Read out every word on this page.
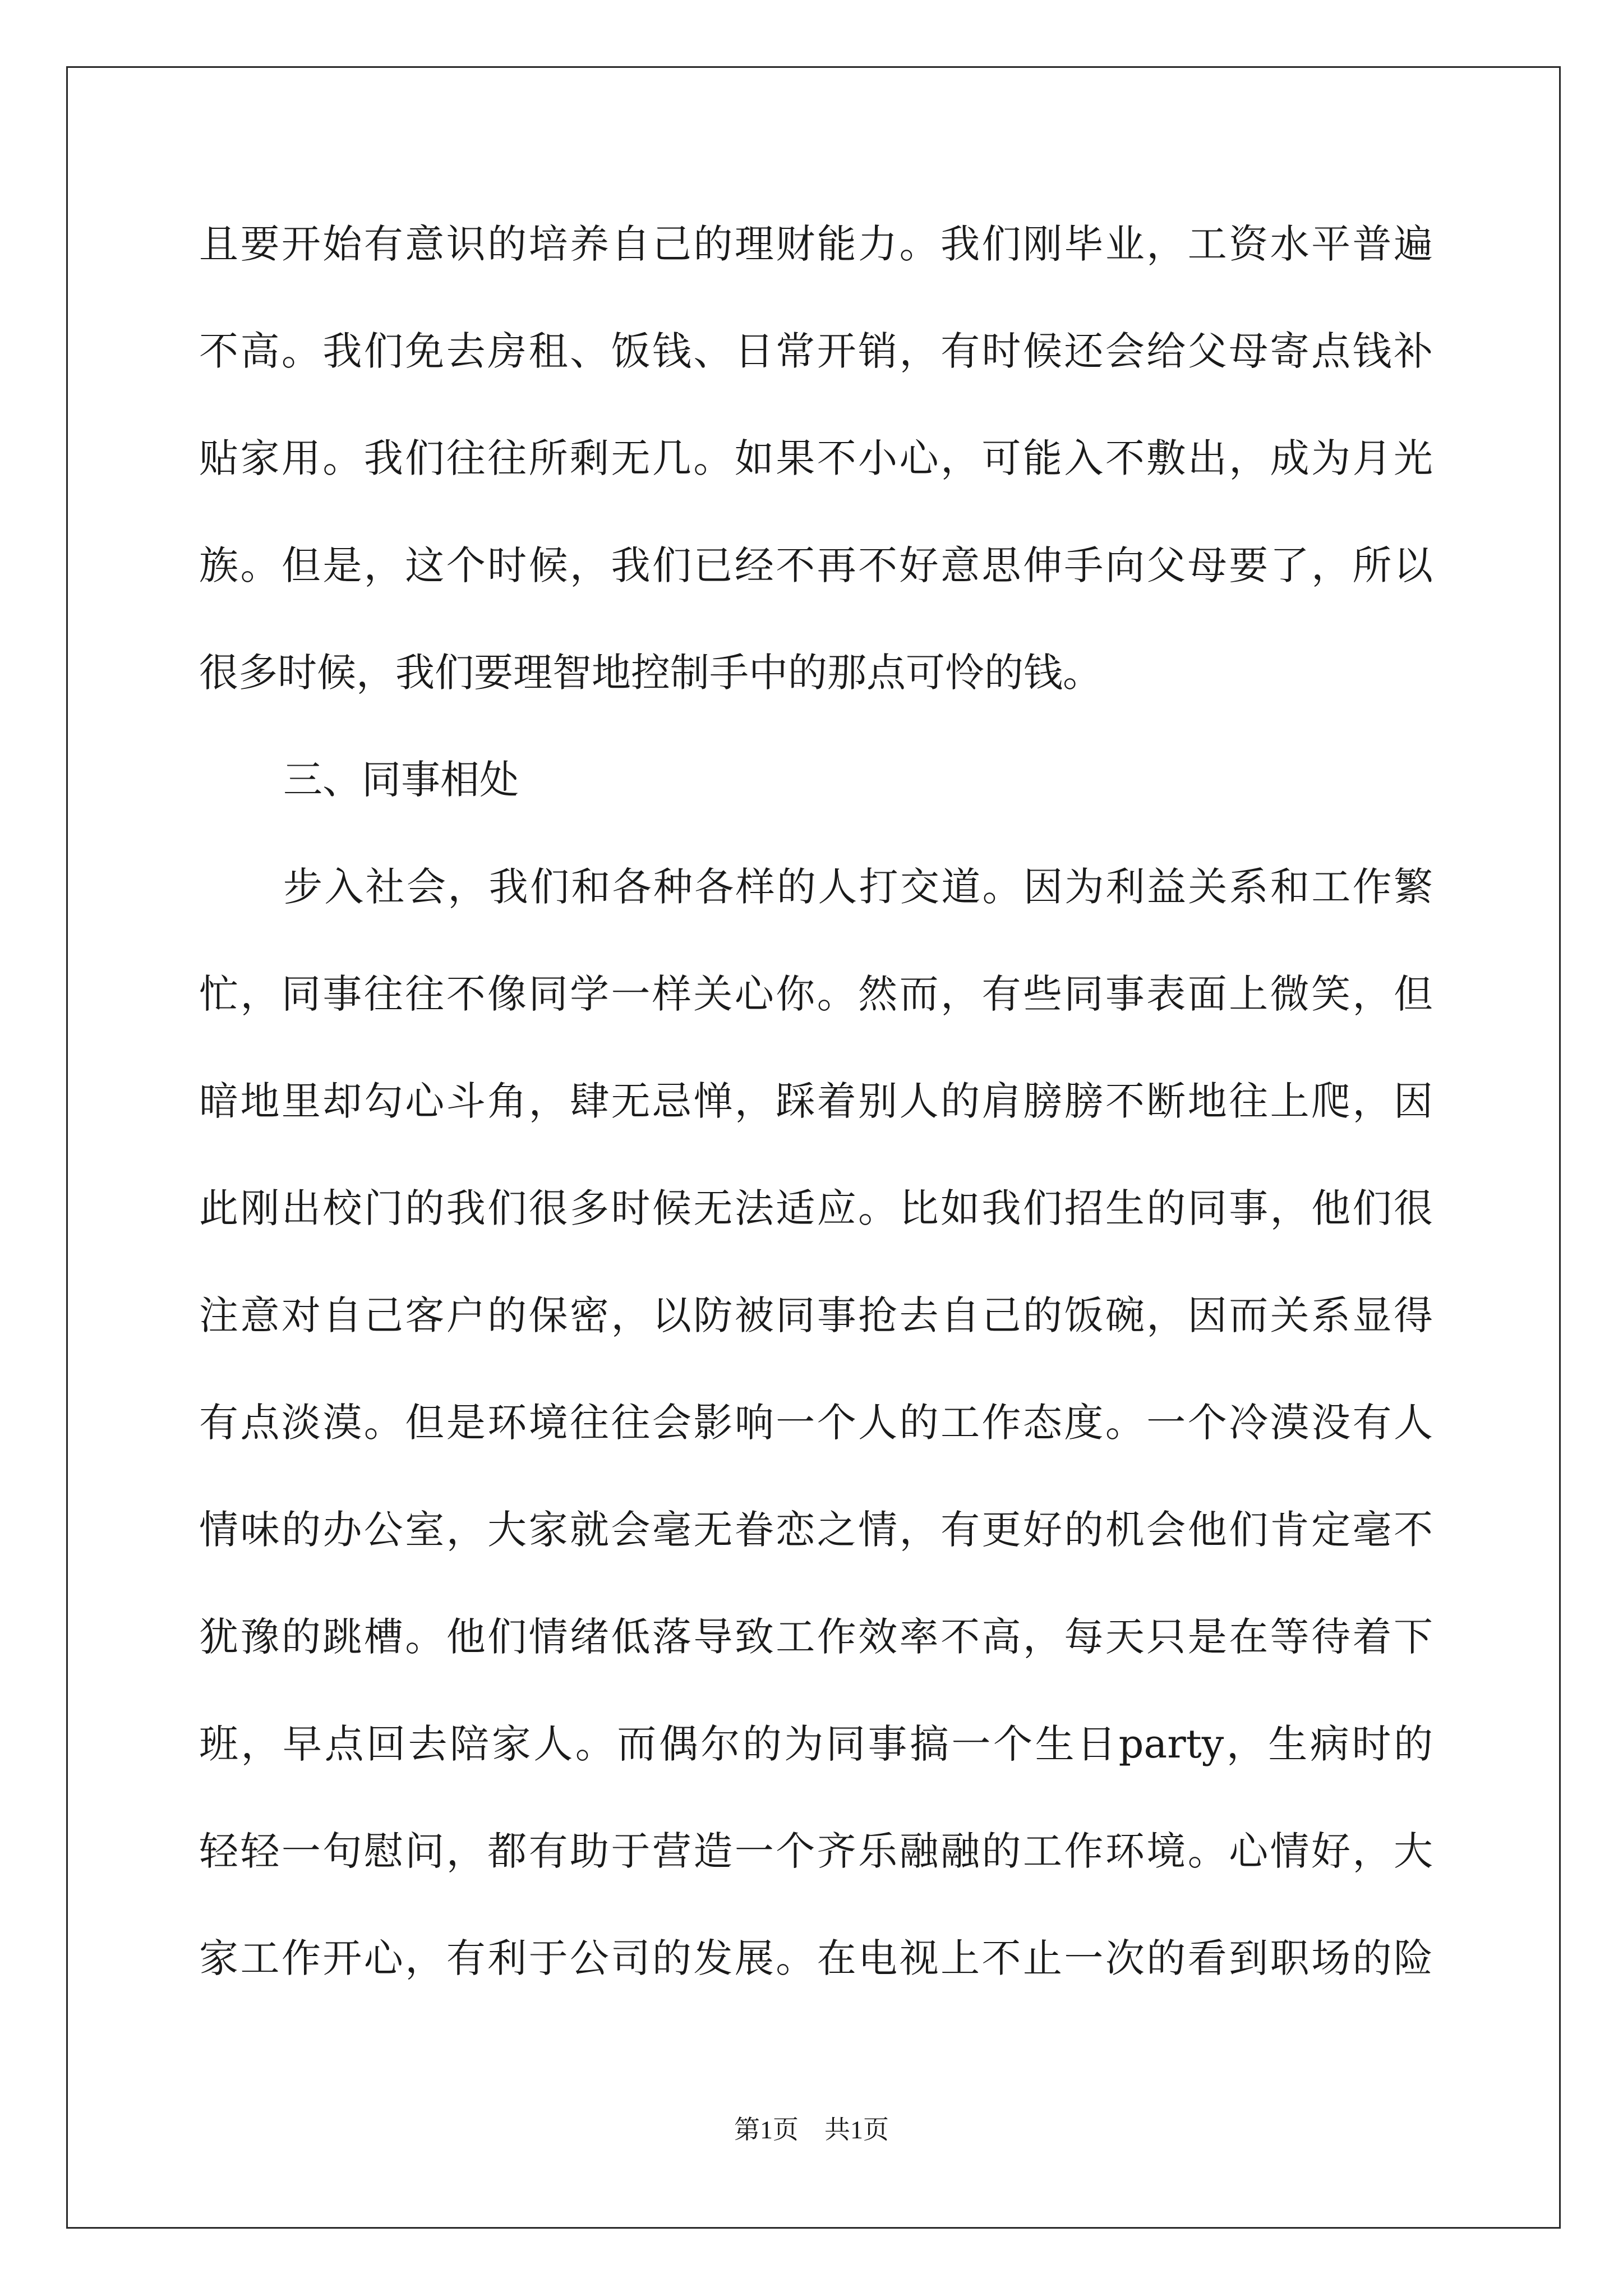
且要开始有意识的培养自己的理财能力。我们刚毕业，工资水平普遍
不高。我们免去房租、饭钱、日常开销，有时候还会给父母寄点钱补
贴家用。我们往往所剩无几。如果不小心，可能入不敷出，成为月光
族。但是，这个时候，我们已经不再不好意思伸手向父母要了，所以
很多时候，我们要理智地控制手中的那点可怜的钱。
三、同事相处
步入社会，我们和各种各样的人打交道。因为利益关系和工作繁
忙，同事往往不像同学一样关心你。然而，有些同事表面上微笑，但
暗地里却勾心斗角，肆无忌惮，踩着别人的肩膀膀不断地往上爬，因
此刚出校门的我们很多时候无法适应。比如我们招生的同事，他们很
注意对自己客户的保密，以防被同事抢去自己的饭碗，因而关系显得
有点淡漠。但是环境往往会影响一个人的工作态度。一个冷漠没有人
情味的办公室，大家就会毫无眷恋之情，有更好的机会他们肯定毫不
犹豫的跳槽。他们情绪低落导致工作效率不高，每天只是在等待着下
班，早点回去陪家人。而偶尔的为同事搞一个生日party，生病时的
轻轻一句慰问，都有助于营造一个齐乐融融的工作环境。心情好，大
家工作开心，有利于公司的发展。在电视上不止一次的看到职场的险
第1页　共1页
